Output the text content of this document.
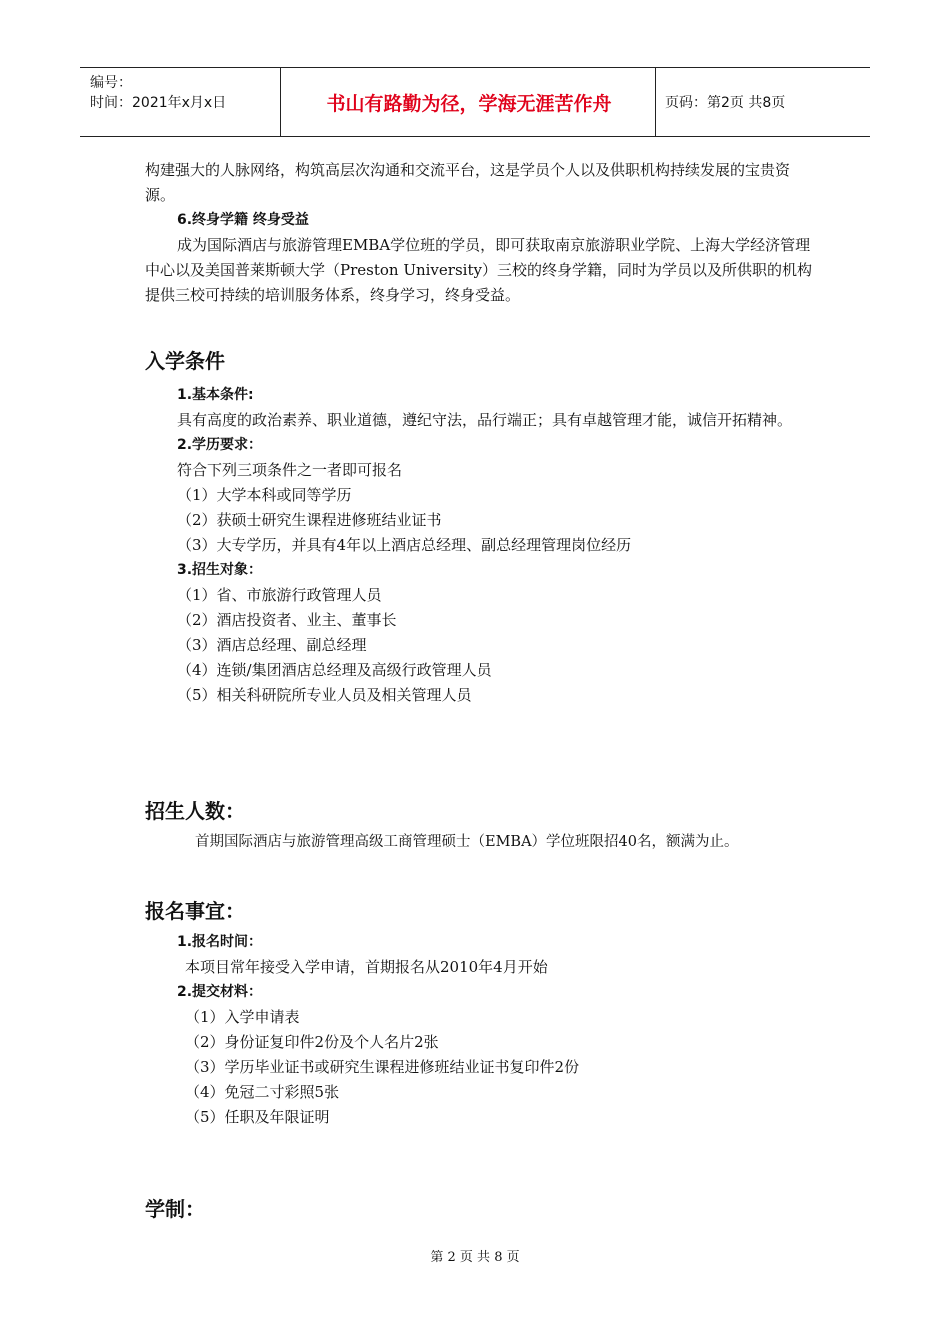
编号：
时间：2021年x月x日	书山有路勤为径，学海无涯苦作舟	页码：第2页 共8页

构建强大的人脉网络，构筑高层次沟通和交流平台，这是学员个人以及供职机构持续发展的宝贵资源。

6.终身学籍 终身受益

成为国际酒店与旅游管理EMBA学位班的学员，即可获取南京旅游职业学院、上海大学经济管理中心以及美国普莱斯顿大学（Preston University）三校的终身学籍，同时为学员以及所供职的机构提供三校可持续的培训服务体系，终身学习，终身受益。

入学条件
1.基本条件:

具有高度的政治素养、职业道德，遵纪守法，品行端正；具有卓越管理才能，诚信开拓精神。

2.学历要求：

符合下列三项条件之一者即可报名

（1）大学本科或同等学历

（2）获硕士研究生课程进修班结业证书

（3）大专学历，并具有4年以上酒店总经理、副总经理管理岗位经历

3.招生对象：

（1）省、市旅游行政管理人员

（2）酒店投资者、业主、董事长

（3）酒店总经理、副总经理

（4）连锁/集团酒店总经理及高级行政管理人员

（5）相关科研院所专业人员及相关管理人员

招生人数：

首期国际酒店与旅游管理高级工商管理硕士（EMBA）学位班限招40名，额满为止。

报名事宜：
1.报名时间：

本项目常年接受入学申请，首期报名从2010年4月开始

2.提交材料：

（1）入学申请表

（2）身份证复印件2份及个人名片2张

（3）学历毕业证书或研究生课程进修班结业证书复印件2份

（4）免冠二寸彩照5张

（5）任职及年限证明

学制：
第 2 页 共 8 页
